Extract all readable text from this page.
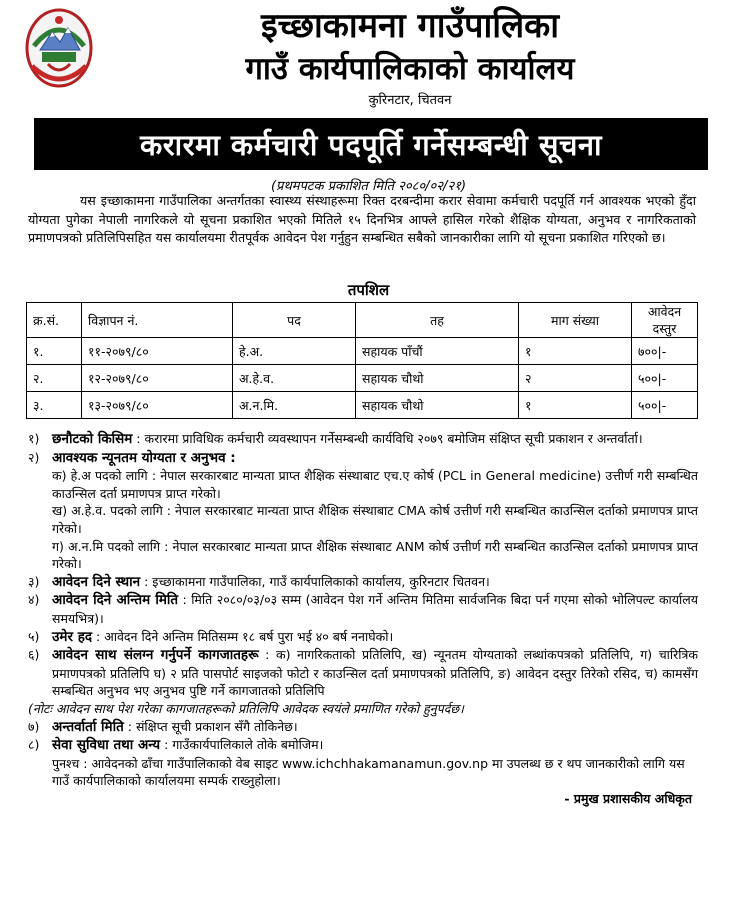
इच्छाकामना गाउँपालिका
गाउँ कार्यपालिकाको कार्यालय
कुरिनटार, चितवन
करारमा कर्मचारी पदपूर्ति गर्नेसम्बन्धी सूचना
(प्रथमपटक प्रकाशित मिति २०८०/०२/२१)

यस इच्छाकामना गाउँपालिका अन्तर्गतका स्वास्थ्य संस्थाहरूमा रिक्त दरबन्दीमा करार सेवामा कर्मचारी पदपूर्ति गर्न आवश्यक भएको हुँदा योग्यता पुगेका नेपाली नागरिकले यो सूचना प्रकाशित भएको मितिले १५ दिनभित्र आफ्ले हासिल गरेको शैक्षिक योग्यता, अनुभव र नागरिकताको प्रमाणपत्रको प्रतिलिपिसहित यस कार्यालयमा रीतपूर्वक आवेदन पेश गर्नुहुन सम्बन्धित सबैको जानकारीका लागि यो सूचना प्रकाशित गरिएको छ।

तपशिल
क्र.सं.	विज्ञापन नं.	पद	तह	माग संख्या	आवेदन दस्तुर
१.	११-२०७९/८०	हे.अ.	सहायक पाँचौं	१	७००|-
२.	१२-२०७९/८०	अ.हे.व.	सहायक चौथो	२	५००|-
३.	१३-२०७९/८०	अ.न.मि.	सहायक चौथो	१	५००|-
१) छनौटको किसिम : करारमा प्राविधिक कर्मचारी व्यवस्थापन गर्नेसम्बन्धी कार्यविधि २०७९ बमोजिम संक्षिप्त सूची प्रकाशन र अन्तर्वार्ता।
२) आवश्यक न्यूनतम योग्यता र अनुभव :
क) हे.अ पदको लागि : नेपाल सरकारबाट मान्यता प्राप्त शैक्षिक संस्थाबाट एच.ए कोर्ष (PCL in General medicine) उत्तीर्ण गरी सम्बन्धित काउन्सिल दर्ता प्रमाणपत्र प्राप्त गरेको।
ख) अ.हे.व. पदको लागि : नेपाल सरकारबाट मान्यता प्राप्त शैक्षिक संस्थाबाट CMA कोर्ष उत्तीर्ण गरी सम्बन्धित काउन्सिल दर्ताको प्रमाणपत्र प्राप्त गरेको।
ग) अ.न.मि पदको लागि : नेपाल सरकारबाट मान्यता प्राप्त शैक्षिक संस्थाबाट ANM कोर्ष उत्तीर्ण गरी सम्बन्धित काउन्सिल दर्ताको प्रमाणपत्र प्राप्त गरेको।
३) आवेदन दिने स्थान : इच्छाकामना गाउँपालिका, गाउँ कार्यपालिकाको कार्यालय, कुरिनटार चितवन।
४) आवेदन दिने अन्तिम मिति : मिति २०८०/०३/०३ सम्म (आवेदन पेश गर्ने अन्तिम मितिमा सार्वजनिक बिदा पर्न गएमा सोको भोलिपल्ट कार्यालय समयभित्र)।
५) उमेर हद : आवेदन दिने अन्तिम मितिसम्म १८ बर्ष पुरा भई ४० बर्ष ननाघेको।
६) आवेदन साथ संलग्न गर्नुपर्ने कागजातहरू : क) नागरिकताको प्रतिलिपि, ख) न्यूनतम योग्यताको लब्धांकपत्रको प्रतिलिपि, ग) चारित्रिक प्रमाणपत्रको प्रतिलिपि घ) २ प्रति पासपोर्ट साइजको फोटो र काउन्सिल दर्ता प्रमाणपत्रको प्रतिलिपि, ङ) आवेदन दस्तुर तिरेको रसिद, च) कामसँग सम्बन्धित अनुभव भए अनुभव पुष्टि गर्ने कागजातको प्रतिलिपि
(नोटः आवेदन साथ पेश गरेका कागजातहरूको प्रतिलिपि आवेदक स्वयंले प्रमाणित गरेको हुनुपर्दछ।
७) अन्तर्वार्ता मिति : संक्षिप्त सूची प्रकाशन सँगै तोकिनेछ।
८) सेवा सुविधा तथा अन्य : गाउँकार्यपालिकाले तोके बमोजिम।
पुनश्च : आवेदनको ढाँचा गाउँपालिकाको वेब साइट www.ichchhakamanamun.gov.np मा उपलब्ध छ र थप जानकारीको लागि यस गाउँ कार्यपालिकाको कार्यालयमा सम्पर्क राख्नुहोला।
- प्रमुख प्रशासकीय अधिकृत
